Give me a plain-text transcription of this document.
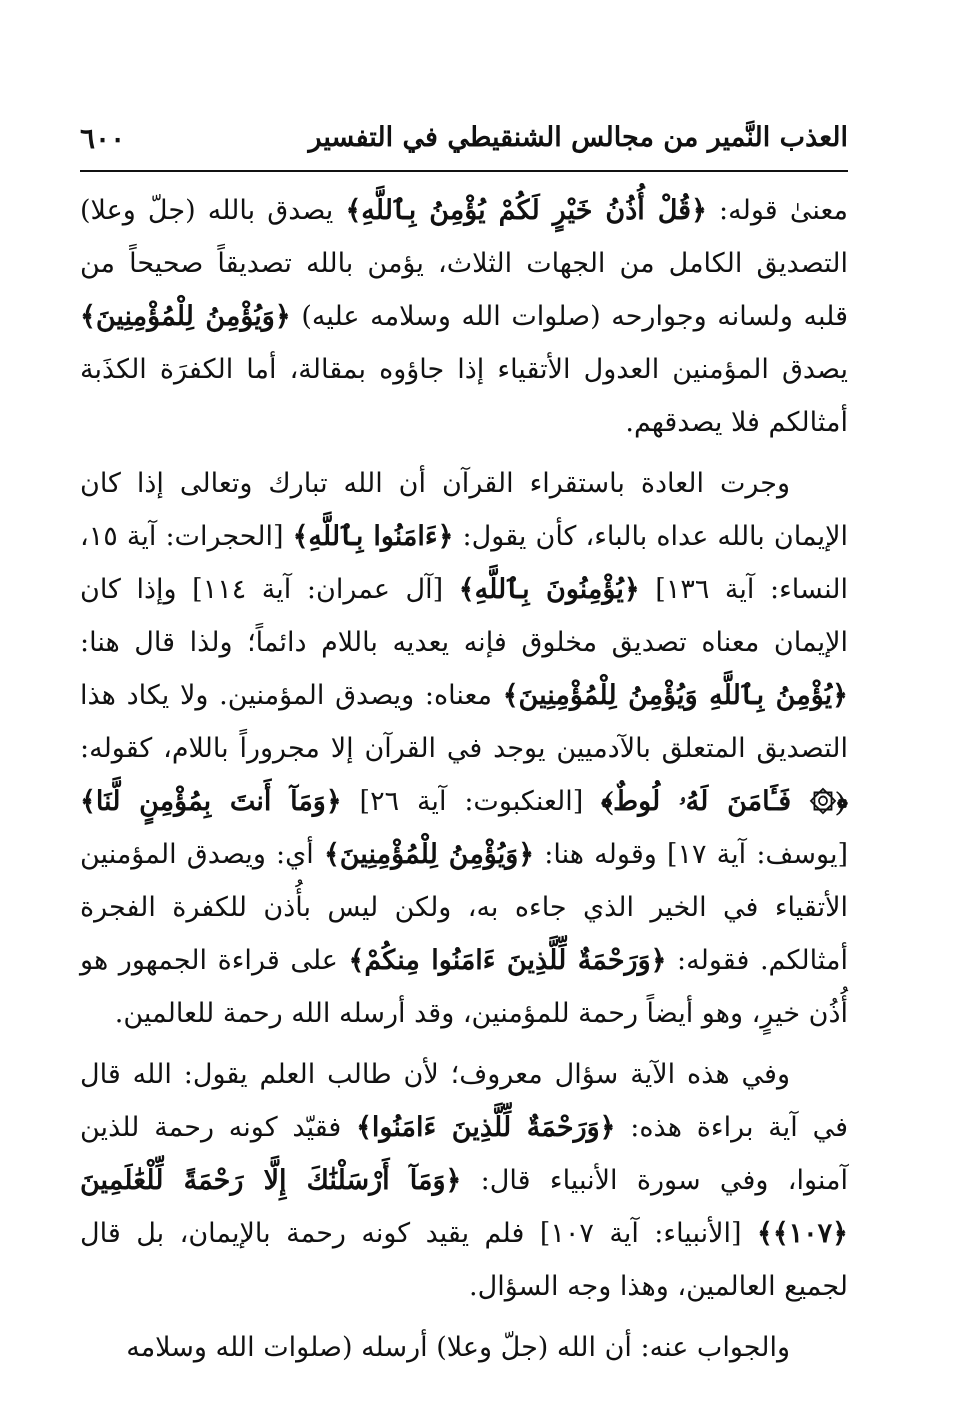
العذب النَّمير من مجالس الشنقيطي في التفسير
٦٠٠

معنىٰ قوله: ﴿قُلْ أُذُنُ خَيْرٍ لَكُمْ يُؤْمِنُ بِٱللَّهِ﴾ يصدق بالله (جلّ وعلا) التصديق الكامل من الجهات الثلاث، يؤمن بالله تصديقاً صحيحاً من قلبه ولسانه وجوارحه (صلوات الله وسلامه عليه) ﴿وَيُؤْمِنُ لِلْمُؤْمِنِينَ﴾ يصدق المؤمنين العدول الأتقياء إذا جاؤوه بمقالة، أما الكفرَة الكذَبة أمثالكم فلا يصدقهم.

وجرت العادة باستقراء القرآن أن الله تبارك وتعالى إذا كان الإيمان بالله عداه بالباء، كأن يقول: ﴿ءَامَنُوا بِٱللَّهِ﴾ [الحجرات: آية ١٥، النساء: آية ١٣٦] ﴿يُؤْمِنُونَ بِٱللَّهِ﴾ [آل عمران: آية ١١٤] وإذا كان الإيمان معناه تصديق مخلوق فإنه يعديه باللام دائماً؛ ولذا قال هنا: ﴿يُؤْمِنُ بِٱللَّهِ وَيُؤْمِنُ لِلْمُؤْمِنِينَ﴾ معناه: ويصدق المؤمنين. ولا يكاد هذا التصديق المتعلق بالآدميين يوجد في القرآن إلا مجروراً باللام، كقوله: ﴿۞ فَـَٔامَنَ لَهُۥ لُوطٌ﴾ [العنكبوت: آية ٢٦] ﴿وَمَآ أَنتَ بِمُؤْمِنٍ لَّنَا﴾ [يوسف: آية ١٧] وقوله هنا: ﴿وَيُؤْمِنُ لِلْمُؤْمِنِينَ﴾ أي: ويصدق المؤمنين الأتقياء في الخير الذي جاءه به، ولكن ليس بأُذن للكفرة الفجرة أمثالكم. فقوله: ﴿وَرَحْمَةٌ لِّلَّذِينَ ءَامَنُوا مِنكُمْ﴾ على قراءة الجمهور هو أُذُن خيرٍ، وهو أيضاً رحمة للمؤمنين، وقد أرسله الله رحمة للعالمين.

وفي هذه الآية سؤال معروف؛ لأن طالب العلم يقول: الله قال في آية براءة هذه: ﴿وَرَحْمَةٌ لِّلَّذِينَ ءَامَنُوا﴾ فقيّد كونه رحمة للذين آمنوا، وفي سورة الأنبياء قال: ﴿وَمَآ أَرْسَلْنَٰكَ إِلَّا رَحْمَةً لِّلْعَٰلَمِينَ ﴿١٠٧﴾﴾ [الأنبياء: آية ١٠٧] فلم يقيد كونه رحمة بالإيمان، بل قال لجميع العالمين، وهذا وجه السؤال.

والجواب عنه: أن الله (جلّ وعلا) أرسله (صلوات الله وسلامه
